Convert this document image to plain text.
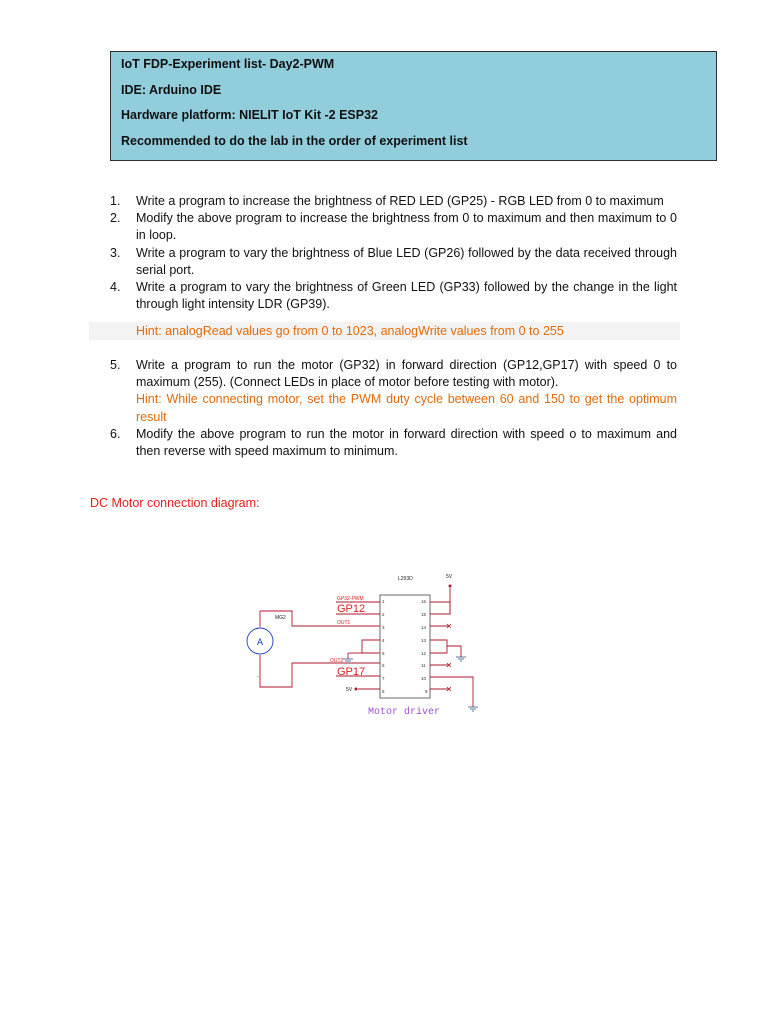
IoT FDP-Experiment list- Day2-PWM
IDE: Arduino IDE
Hardware platform: NIELIT IoT Kit -2 ESP32
Recommended to do the lab in the order of experiment list
1.	Write a program to increase the brightness of RED LED (GP25) - RGB LED from 0 to maximum
2.	Modify the above program to increase the brightness from 0 to maximum and then maximum to 0 in loop.
3.	Write a program to vary the brightness of Blue LED (GP26) followed by the data received through serial port.
4.	Write a program to vary the brightness of Green LED (GP33) followed by the change in the light through light intensity LDR (GP39).
Hint: analogRead values go from 0 to 1023, analogWrite values from 0 to 255
5.	Write a program to run the motor (GP32) in forward direction (GP12,GP17) with speed 0 to maximum (255). (Connect LEDs in place of motor before testing with motor).
Hint: While connecting motor, set the PWM duty cycle between 60 and 150 to get the optimum result
6.	Modify the above program to run the motor in forward direction with speed o to maximum and then reverse with speed maximum to minimum.
DC Motor connection diagram:
L293D	5V
1
2
3
4
5
6
7
8
16
15
14
13
12
11
10
9
A
MG2
+
-
GP32-PWM
GP12
OUT1
OUT2
GP17
5V
Motor driver
